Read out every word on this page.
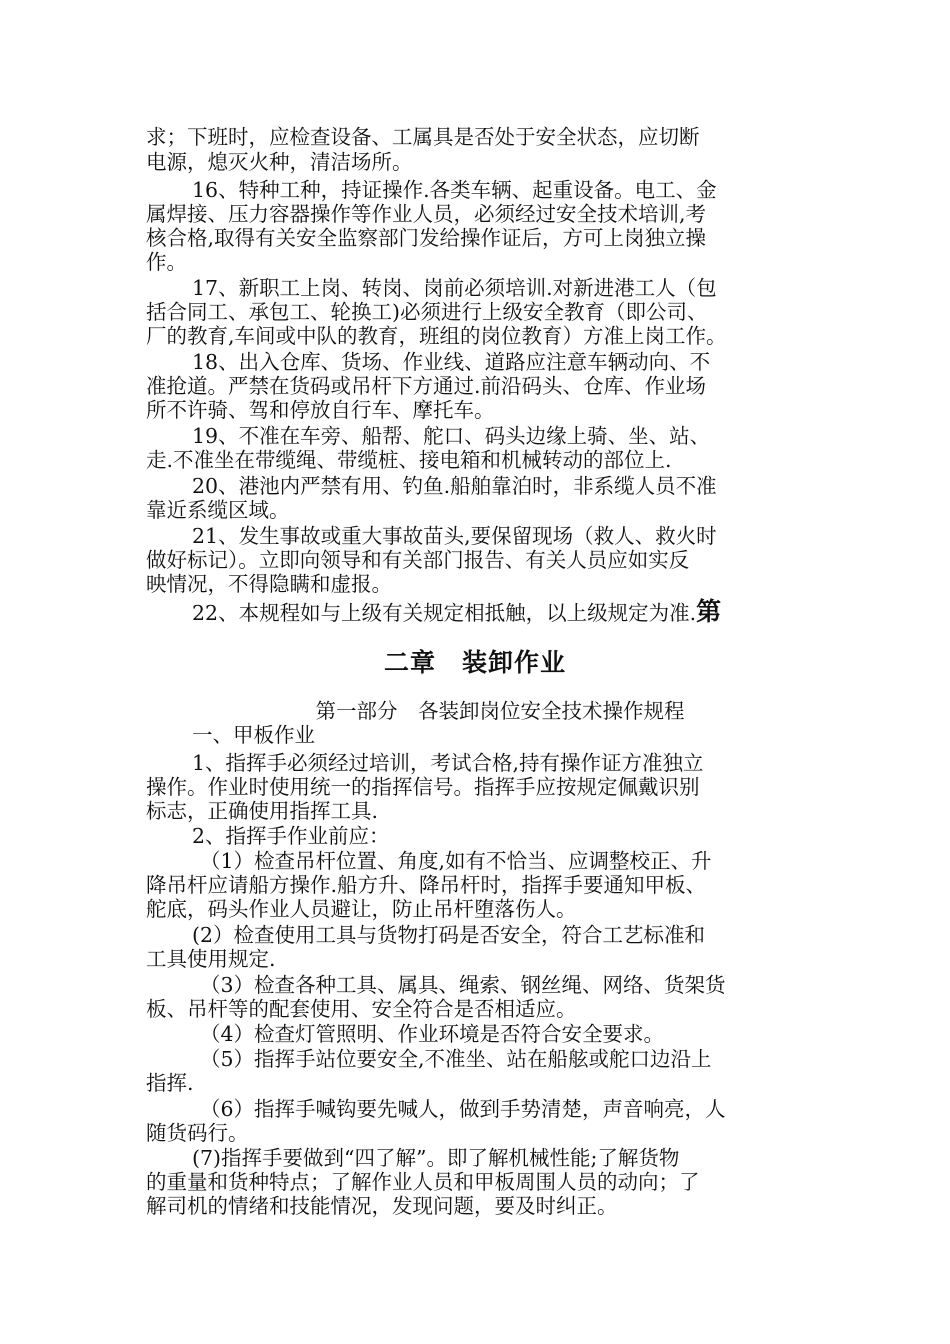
求；下班时，应检查设备、工属具是否处于安全状态，应切断
电源，熄灭火种，清洁场所。
16、特种工种，持证操作.各类车辆、起重设备。电工、金
属焊接、压力容器操作等作业人员，必须经过安全技术培训,考
核合格,取得有关安全监察部门发给操作证后，方可上岗独立操
作。
17、新职工上岗、转岗、岗前必须培训.对新进港工人（包
括合同工、承包工、轮换工)必须进行上级安全教育（即公司、
厂的教育,车间或中队的教育，班组的岗位教育）方准上岗工作。
18、出入仓库、货场、作业线、道路应注意车辆动向、不
准抢道。严禁在货码或吊杆下方通过.前沿码头、仓库、作业场
所不许骑、驾和停放自行车、摩托车。
19、不准在车旁、船帮、舵口、码头边缘上骑、坐、站、
走.不准坐在带缆绳、带缆桩、接电箱和机械转动的部位上.
20、港池内严禁有用、钓鱼.船舶靠泊时，非系缆人员不准
靠近系缆区域。
21、发生事故或重大事故苗头,要保留现场（救人、救火时
做好标记）。立即向领导和有关部门报告、有关人员应如实反
映情况，不得隐瞒和虚报。
22、本规程如与上级有关规定相抵触，以上级规定为准.第
二章　装卸作业
第一部分　各装卸岗位安全技术操作规程
一、甲板作业
1、指挥手必须经过培训，考试合格,持有操作证方准独立
操作。作业时使用统一的指挥信号。指挥手应按规定佩戴识别
标志，正确使用指挥工具.
2、指挥手作业前应：
（1）检查吊杆位置、角度,如有不恰当、应调整校正、升
降吊杆应请船方操作.船方升、降吊杆时，指挥手要通知甲板、
舵底，码头作业人员避让，防止吊杆堕落伤人。
(2）检查使用工具与货物打码是否安全，符合工艺标准和
工具使用规定.
（3）检查各种工具、属具、绳索、钢丝绳、网络、货架货
板、吊杆等的配套使用、安全符合是否相适应。
（4）检查灯管照明、作业环境是否符合安全要求。
（5）指挥手站位要安全,不准坐、站在船舷或舵口边沿上
指挥.
（6）指挥手喊钩要先喊人，做到手势清楚，声音响亮，人
随货码行。
(7)指挥手要做到“四了解”。即了解机械性能;了解货物
的重量和货种特点；了解作业人员和甲板周围人员的动向；了
解司机的情绪和技能情况，发现问题，要及时纠正。
